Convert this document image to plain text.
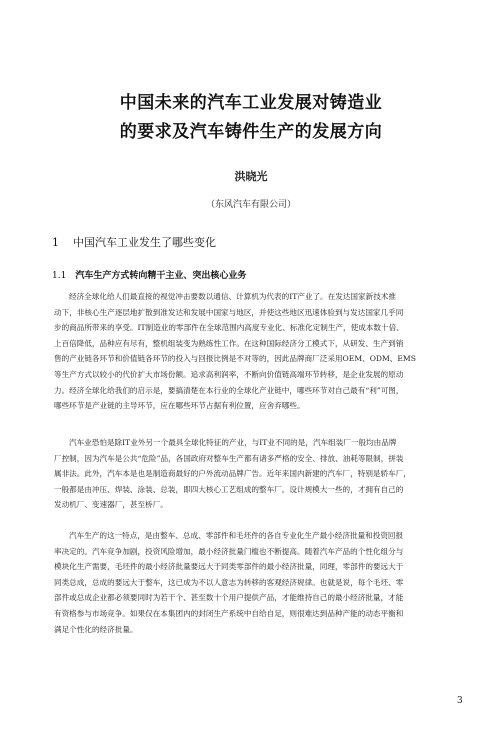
中国未来的汽车工业发展对铸造业
的要求及汽车铸件生产的发展方向
洪晓光
（东风汽车有限公司）
1 中国汽车工业发生了哪些变化
1.1 汽车生产方式转向精干主业、突出核心业务
经济全球化给人们最直接的视觉冲击要数以通信、计算机为代表的IT产业了。在发达国家新技术推
动下，非核心生产逐层地扩散到准发达和发展中国家与地区，并使这些地区迅速体验到与发达国家几乎同
步的商品所带来的享受。IT制造业的零部件在全球范围内高度专业化、标准化定制生产，使成本数十倍、
上百倍降低，品种应有尽有，整机组装变为熟练性工作。在这种国际经济分工模式下，从研发、生产到销
售的产业链各环节和价值链各环节的投入与回报比例是不对等的，因此品牌商厂泛采用OEM、ODM、EMS
等生产方式以较小的代价扩大市场份额。追求高利润率，不断向价值链高端环节转移，是企业发展的原动
力。经济全球化给我们的启示是，要搞清楚在本行业的全球化产业链中，哪些环节对自己最有“利”可图，
哪些环节是产业链的主导环节，应在哪些环节占据有利位置，应舍弃哪些。
汽车业恐怕是除IT业外另一个最具全球化特征的产业，与IT业不同的是，汽车组装厂一般均由品牌
厂控制，因为汽车是公共“危险”品，各国政府对整车生产都有诸多严格的安全、排放、油耗等限制，拼装
属非法。此外，汽车本是也是制造商最好的户外流动品牌广告。近年来国内新建的汽车厂，特别是轿车厂，
一般都是由冲压、焊装、涂装、总装，即四大核心工艺组成的整车厂。设计规模大一些的，才拥有自己的
发动机厂、变速器厂，甚至桥厂。
汽车生产的这一特点，是由整车、总成、零部件和毛坯件的各自专业化生产最小经济批量和投资回报
率决定的。汽车竞争加剧，投资风险增加，最小经济批量门槛也不断提高。随着汽车产品的个性化组分与
模块化生产需要，毛坯件的最小经济批量要远大于同类零部件的最小经济批量，同理，零部件的要远大于
同类总成，总成的要远大于整车，这已成为不以人意志为转移的客观经济规律。也就是说，每个毛坯、零
部件或总成企业都必须要同时为若干个、甚至数十个用户提供产品，才能维持自己的最小经济批量，才能
有资格参与市场竞争。如果仅在本集团内的封闭生产系统中自给自足，则很难达到品种产能的动态平衡和
满足个性化的经济批量。
3
